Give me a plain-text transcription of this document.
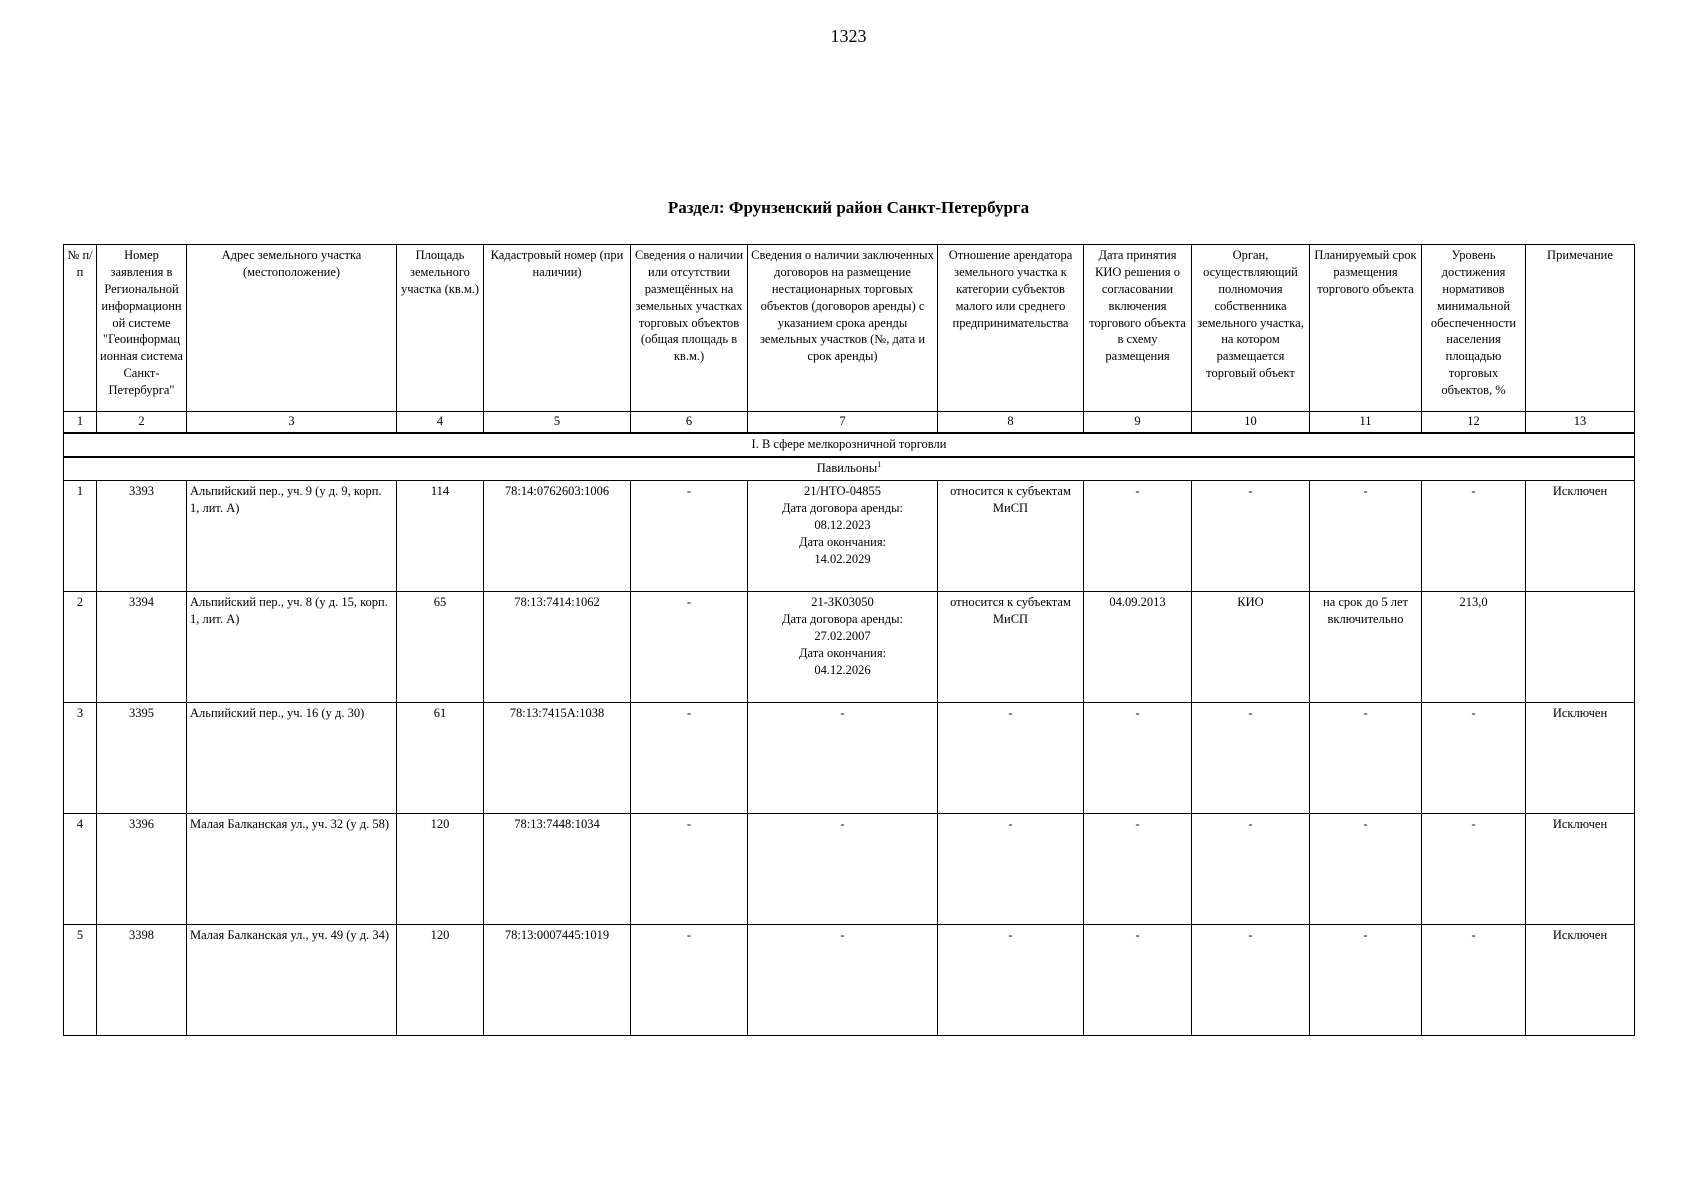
1323
Раздел: Фрунзенский район Санкт-Петербурга
№ п/п	Номер заявления в Региональной информационной системе "Геоинформационная система Санкт-Петербурга"	Адрес земельного участка (местоположение)	Площадь земельного участка (кв.м.)	Кадастровый номер (при наличии)	Сведения о наличии или отсутствии размещённых на земельных участках торговых объектов (общая площадь в кв.м.)	Сведения о наличии заключенных договоров на размещение нестационарных торговых объектов (договоров аренды) с указанием срока аренды земельных участков (№, дата и срок аренды)	Отношение арендатора земельного участка к категории субъектов малого или среднего предпринимательства	Дата принятия КИО решения о согласовании включения торгового объекта в схему размещения	Орган, осуществляющий полномочия собственника земельного участка, на котором размещается торговый объект	Планируемый срок размещения торгового объекта	Уровень достижения нормативов минимальной обеспеченности населения площадью торговых объектов, %	Примечание
1	2	3	4	5	6	7	8	9	10	11	12	13
I. В сфере мелкорозничной торговли												
Павильоны$^1$
1	3393	Альпийский пер., уч. 9 (у д. 9, корп. 1, лит. А)	114	78:14:0762603:1006	-	21/НТО-04855
Дата договора аренды:
08.12.2023
Дата окончания:
14.02.2029	относится к субъектам МиСП	-	-	-	-	Исключен
2	3394	Альпийский пер., уч. 8 (у д. 15, корп. 1, лит. А)	65	78:13:7414:1062	-	21-ЗК03050
Дата договора аренды:
27.02.2007
Дата окончания:
04.12.2026	относится к субъектам МиСП	04.09.2013	КИО	на срок до 5 лет включительно	213,0	
3	3395	Альпийский пер., уч. 16 (у д. 30)	61	78:13:7415А:1038	-	-	-	-	-	-	-	Исключен
4	3396	Малая Балканская ул., уч. 32 (у д. 58)	120	78:13:7448:1034	-	-	-	-	-	-	-	Исключен
5	3398	Малая Балканская ул., уч. 49 (у д. 34)	120	78:13:0007445:1019	-	-	-	-	-	-	-	Исключен
